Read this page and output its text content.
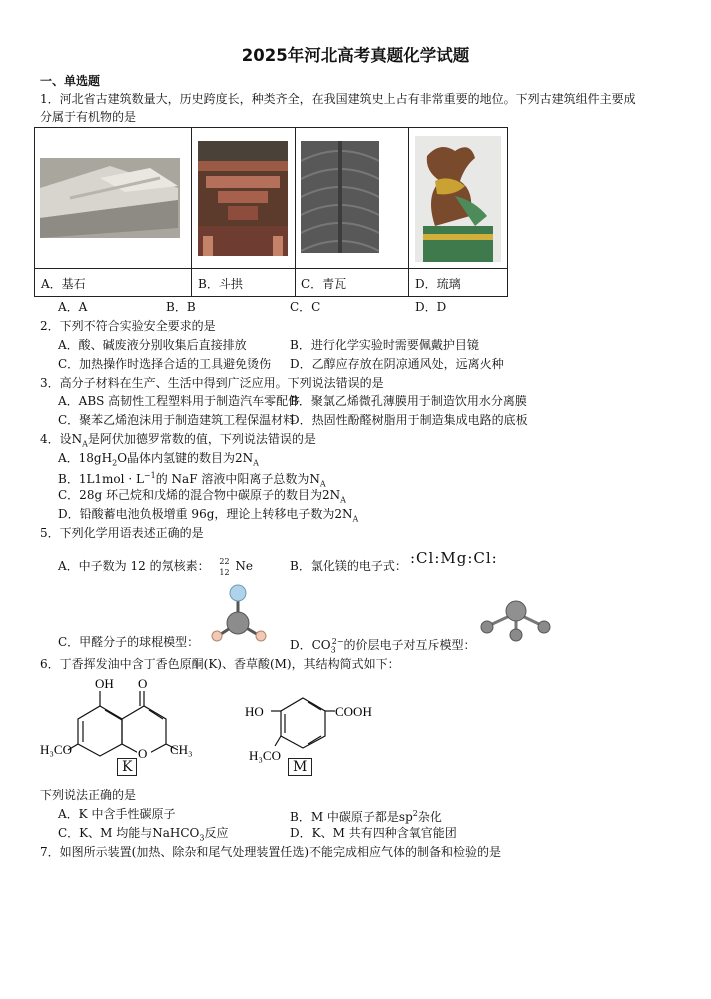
2025年河北高考真题化学试题
一、单选题
1．河北省古建筑数量大，历史跨度长，种类齐全，在我国建筑史上占有非常重要的地位。下列古建筑组件主要成
分属于有机物的是
A．基石	B．斗拱	C．青瓦	D．琉璃
A．A	B．B	C．C	D．D
2．下列不符合实验安全要求的是
A．酸、碱废液分别收集后直接排放	B．进行化学实验时需要佩戴护目镜
C．加热操作时选择合适的工具避免烫伤 D．乙醇应存放在阴凉通风处，远离火种
3．高分子材料在生产、生活中得到广泛应用。下列说法错误的是
A．ABS 高韧性工程塑料用于制造汽车零配件
B．聚氯乙烯微孔薄膜用于制造饮用水分离膜
C．聚苯乙烯泡沫用于制造建筑工程保温材料
D．热固性酚醛树脂用于制造集成电路的底板
4．设$N_A$是阿伏加德罗常数的值，下列说法错误的是
A．$18gH_2O$晶体内氢键的数目为$2N_A$
B．$1L1mol \cdot L^{-1}$的 NaF 溶液中阳离子总数为$N_A$
C．28g 环己烷和戊烯的混合物中碳原子的数目为$2N_A$
D．铅酸蓄电池负极增重 96g，理论上转移电子数为$2N_A$
5．下列化学用语表述正确的是
A．中子数为 12 的氖核素： 22
12 Ne	B．氯化镁的电子式： :Cl:Mg:Cl:
C．甲醛分子的球棍模型：	D．$CO_3^{2-}$的价层电子对互斥模型：
6．丁香挥发油中含丁香色原酮(K)、香草酸(M)，其结构简式如下：
OH O
O
H₃CO	CH₃
K
HO	COOH
H₃CO
M
下列说法正确的是
A．K 中含手性碳原子	B．M 中碳原子都是$sp^2$杂化
C．K、M 均能与NaHCO$_3$反应	D．K、M 共有四种含氧官能团
7．如图所示装置(加热、除杂和尾气处理装置任选)不能完成相应气体的制备和检验的是
